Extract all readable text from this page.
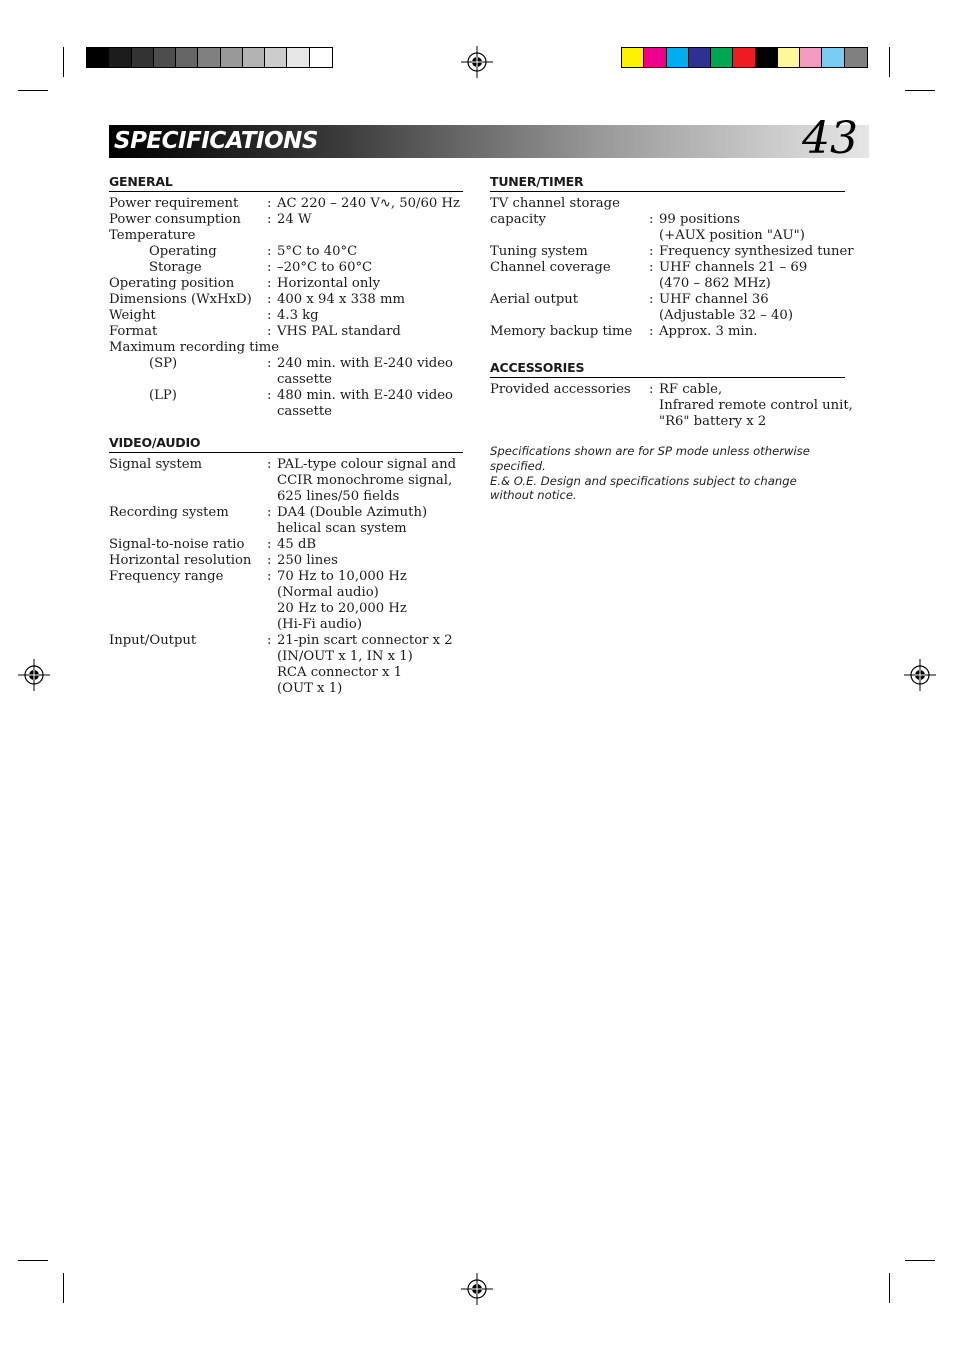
SPECIFICATIONS	43
GENERAL
Power requirement : AC 220 – 240 V∿, 50/60 Hz
Power consumption : 24 W
Temperature
Operating	: 5°C to 40°C
Storage	: –20°C to 60°C
Operating position : Horizontal only
Dimensions (WxHxD) : 400 x 94 x 338 mm
Weight	: 4.3 kg
Format	: VHS PAL standard
Maximum recording time
(SP)	: 240 min. with E-240 video
cassette
(LP)	: 480 min. with E-240 video
cassette
VIDEO/AUDIO
Signal system	: PAL-type colour signal and
CCIR monochrome signal,
625 lines/50 fields
Recording system	: DA4 (Double Azimuth)
helical scan system
Signal-to-noise ratio : 45 dB
Horizontal resolution : 250 lines
Frequency range	: 70 Hz to 10,000 Hz
(Normal audio)
20 Hz to 20,000 Hz
(Hi-Fi audio)
Input/Output	: 21-pin scart connector x 2
(IN/OUT x 1, IN x 1)
RCA connector x 1
(OUT x 1)
TUNER/TIMER
TV channel storage
capacity	: 99 positions
(+AUX position "AU")
Tuning system	: Frequency synthesized tuner
Channel coverage	: UHF channels 21 – 69
(470 – 862 MHz)
Aerial output	: UHF channel 36
(Adjustable 32 – 40)
Memory backup time : Approx. 3 min.
ACCESSORIES
Provided accessories : RF cable,
Infrared remote control unit,
"R6" battery x 2
Specifications shown are for SP mode unless otherwise specified.
E.& O.E. Design and specifications subject to change without notice.
